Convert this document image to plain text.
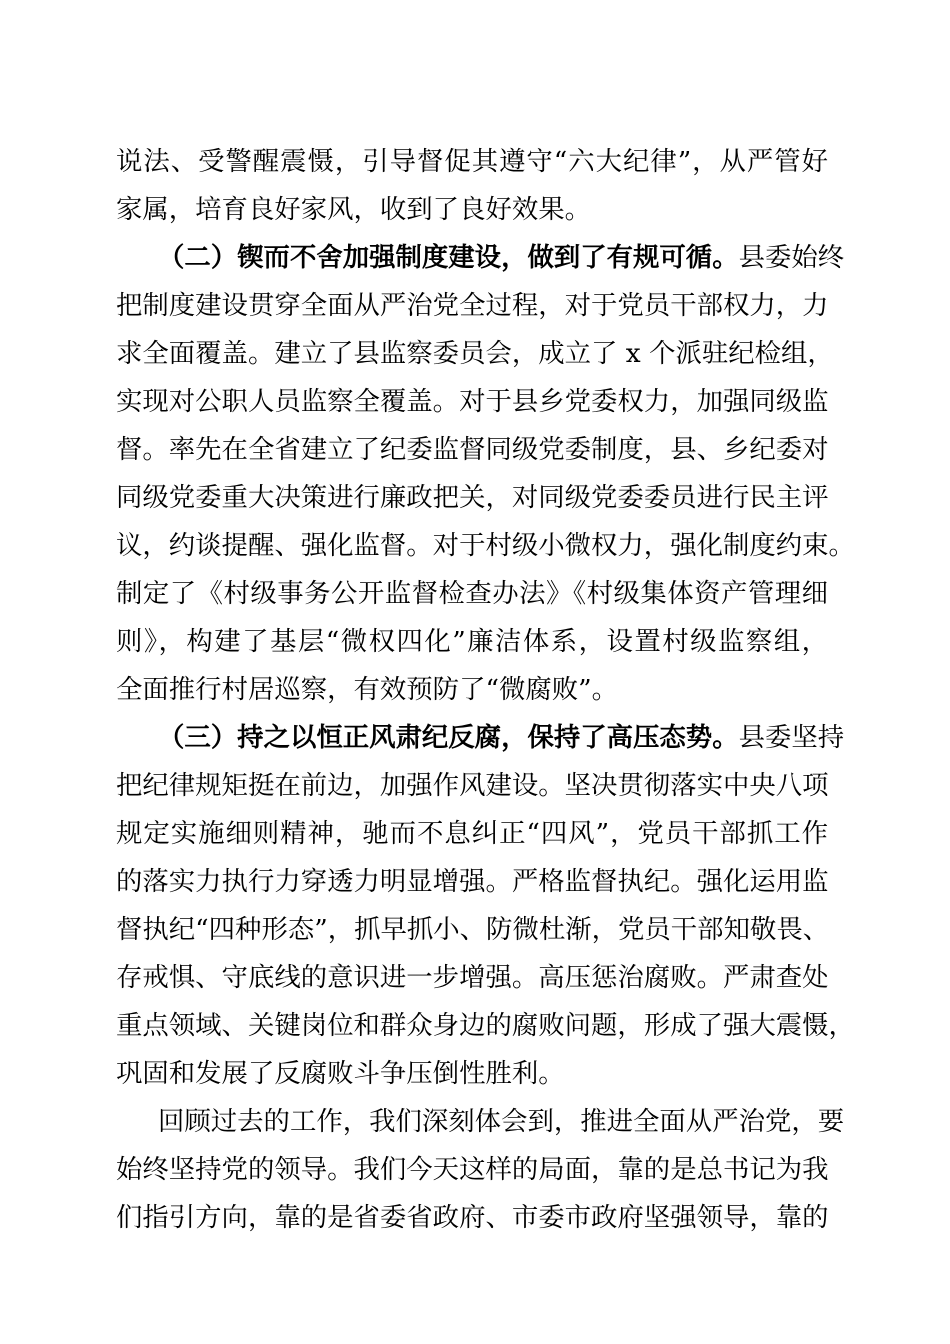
说法、受警醒震慑，引导督促其遵守“六大纪律”，从严管好
家属，培育良好家风，收到了良好效果。
（二）锲而不舍加强制度建设，做到了有规可循。县委始终
把制度建设贯穿全面从严治党全过程，对于党员干部权力，力
求全面覆盖。建立了县监察委员会，成立了 x 个派驻纪检组，
实现对公职人员监察全覆盖。对于县乡党委权力，加强同级监
督。率先在全省建立了纪委监督同级党委制度，县、乡纪委对
同级党委重大决策进行廉政把关，对同级党委委员进行民主评
议，约谈提醒、强化监督。对于村级小微权力，强化制度约束。
制定了《村级事务公开监督检查办法》《村级集体资产管理细
则》，构建了基层“微权四化”廉洁体系，设置村级监察组，
全面推行村居巡察，有效预防了“微腐败”。
（三）持之以恒正风肃纪反腐，保持了高压态势。县委坚持
把纪律规矩挺在前边，加强作风建设。坚决贯彻落实中央八项
规定实施细则精神，驰而不息纠正“四风”，党员干部抓工作
的落实力执行力穿透力明显增强。严格监督执纪。强化运用监
督执纪“四种形态”，抓早抓小、防微杜渐，党员干部知敬畏、
存戒惧、守底线的意识进一步增强。高压惩治腐败。严肃查处
重点领域、关键岗位和群众身边的腐败问题，形成了强大震慑，
巩固和发展了反腐败斗争压倒性胜利。
回顾过去的工作，我们深刻体会到，推进全面从严治党，要
始终坚持党的领导。我们今天这样的局面，靠的是总书记为我
们指引方向，靠的是省委省政府、市委市政府坚强领导，靠的
